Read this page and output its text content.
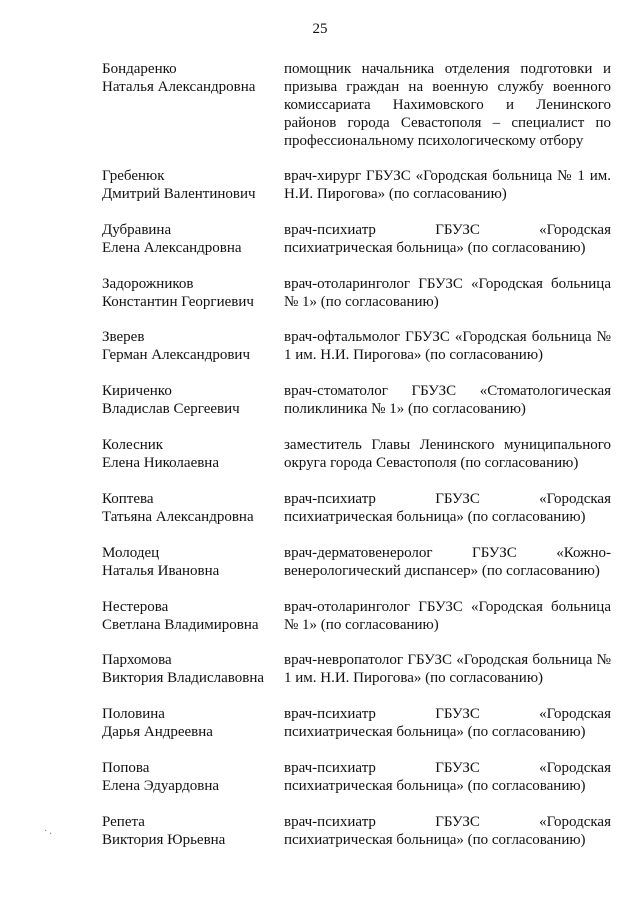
25
Бондаренко
Наталья Александровна
помощник начальника отделения подготовки и призыва граждан на военную службу военного комиссариата Нахимовского и Ленинского районов города Севастополя – специалист по профессиональному психологическому отбору
Гребенюк
Дмитрий Валентинович
врач-хирург ГБУЗС «Городская больница № 1 им. Н.И. Пирогова» (по согласованию)
Дубравина
Елена Александровна
врач-психиатр ГБУЗС «Городская психиатрическая больница» (по согласованию)
Задорожников
Константин Георгиевич
врач-отоларинголог ГБУЗС «Городская больница № 1» (по согласованию)
Зверев
Герман Александрович
врач-офтальмолог ГБУЗС «Городская больница № 1 им. Н.И. Пирогова» (по согласованию)
Кириченко
Владислав Сергеевич
врач-стоматолог ГБУЗС «Стоматологическая поликлиника № 1» (по согласованию)
Колесник
Елена Николаевна
заместитель Главы Ленинского муниципального округа города Севастополя (по согласованию)
Коптева
Татьяна Александровна
врач-психиатр ГБУЗС «Городская психиатрическая больница» (по согласованию)
Молодец
Наталья Ивановна
врач-дерматовенеролог ГБУЗС «Кожно-венерологический диспансер» (по согласованию)
Нестерова
Светлана Владимировна
врач-отоларинголог ГБУЗС «Городская больница № 1» (по согласованию)
Пархомова
Виктория Владиславовна
врач-невропатолог ГБУЗС «Городская больница № 1 им. Н.И. Пирогова» (по согласованию)
Половина
Дарья Андреевна
врач-психиатр ГБУЗС «Городская психиатрическая больница» (по согласованию)
Попова
Елена Эдуардовна
врач-психиатр ГБУЗС «Городская психиатрическая больница» (по согласованию)
Репета
Виктория Юрьевна
врач-психиатр ГБУЗС «Городская психиатрическая больница» (по согласованию)
·.
